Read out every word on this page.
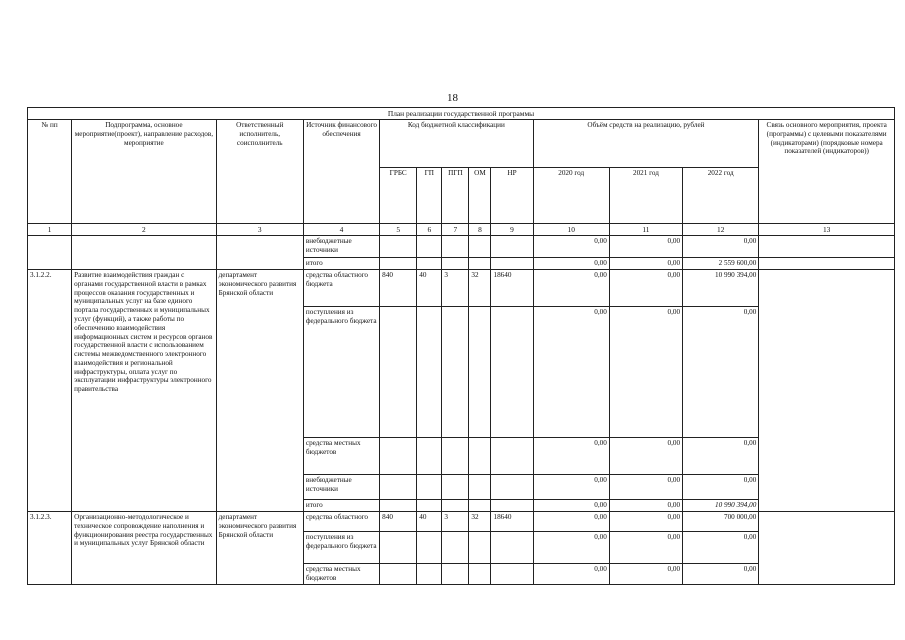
18
План реализации государственной программы												
№ пп	Подпрограмма, основное мероприятие(проект), направление расходов, мероприятие	Ответственный исполнитель, соисполнитель	Источник финансового обеспечения	Код бюджетной классификации					Объём средств на реализацию, рублей			Связь основного мероприятия, проекта (программы) с целевыми показателями (индикаторами) (порядковые номера показателей (индикаторов))
				ГРБС	ГП	ПГП	ОМ	НР	2020 год	2021 год	2022 год	
1	2	3	4	5	6	7	8	9	10	11	12	13
			внебюджетные источники						0,00	0,00	0,00	
			итого						0,00	0,00	2 559 600,00	
3.1.2.2.	Развитие взаимодействия граждан с органами государственной власти в рамках процессов оказания государственных и муниципальных услуг на базе единого портала государственных и муниципальных услуг (функций), а также работы по обеспечению взаимодействия информационных систем и ресурсов органов государственной власти с использованием системы межведомственного электронного взаимодействия и региональной инфраструктуры, оплата услуг по эксплуатации инфраструктуры электронного правительства	департамент экономического развития Брянской области	средства областного бюджета	840	40	3	32	18640	0,00	0,00	10 990 394,00	
			поступления из федерального бюджета						0,00	0,00	0,00	
			средства местных бюджетов						0,00	0,00	0,00	
			внебюджетные источники						0,00	0,00	0,00	
			итого						0,00	0,00	10 990 394,00	
3.1.2.3.	Организационно-методологическое и техническое сопровождение наполнения и функционирования реестра государственных и муниципальных услуг Брянской области	департамент экономического развития Брянской области	средства областного	840	40	3	32	18640	0,00	0,00	700 000,00	
			поступления из федерального бюджета						0,00	0,00	0,00	
			средства местных бюджетов						0,00	0,00	0,00	
